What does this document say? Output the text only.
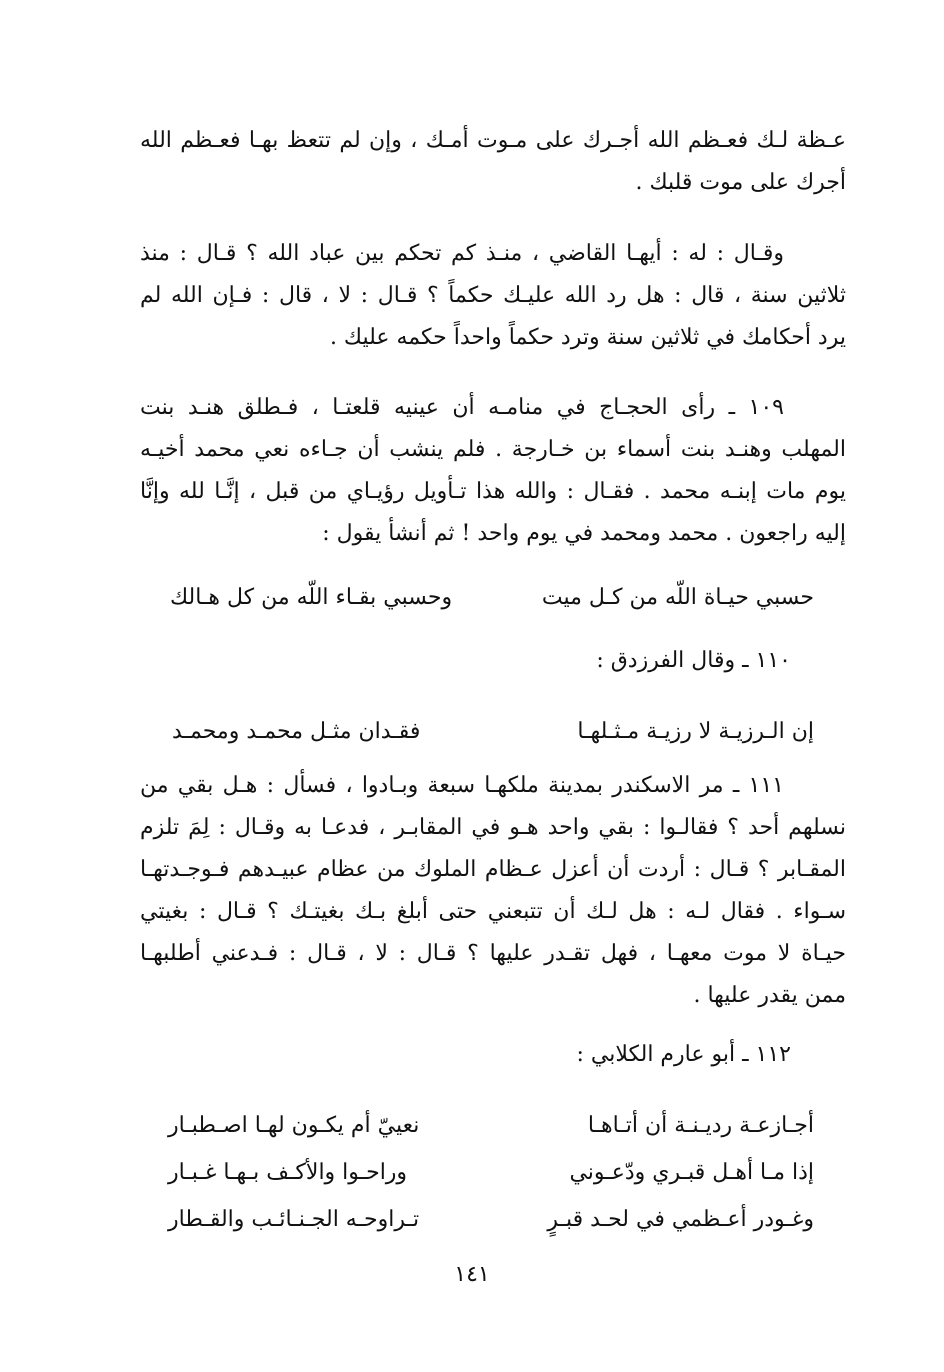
عـظة لـك فعـظم الله أجـرك على مـوت أمـك ، وإن لم تتعظ بهـا فعـظم الله
أجرك على موت قلبك .
وقـال : له : أيهـا القاضي ، منـذ كم تحكم بين عباد الله ؟ قـال : منذ
ثلاثين سنة ، قال : هل رد الله عليـك حكماً ؟ قـال : لا ، قال : فـإن الله لم
يرد أحكامك في ثلاثين سنة وترد حكماً واحداً حكمه عليك .
١٠٩ ـ رأى الحجـاج في منامـه أن عينيه قلعتـا ، فـطلق هنـد بنت
المهلب وهنـد بنت أسماء بن خـارجة . فلم ينشب أن جـاءه نعي محمد أخيـه
يوم مات إبنـه محمد . فقـال : والله هذا تـأويل رؤيـاي من قبل ، إنَّـا لله وإنَّا
إليه راجعون . محمد ومحمد في يوم واحد ! ثم أنشأ يقول :
حسبي حيـاة اللّه من كـل ميت
وحسبي بقـاء اللّه من كل هـالك
١١٠ ـ وقال الفرزدق :
إن الـرزيـة لا رزيـة مـثـلهـا
فقـدان مثـل محمـد ومحمـد
١١١ ـ مر الاسكندر بمدينة ملكهـا سبعة وبـادوا ، فسأل : هـل بقي من
نسلهم أحد ؟ فقالـوا : بقي واحد هـو في المقابـر ، فدعـا به وقـال : لِمَ تلزم
المقـابر ؟ قـال : أردت أن أعزل عـظام الملوك من عظام عبيـدهم فـوجـدتهـا
سـواء . فقال لـه : هل لـك أن تتبعني حتى أبلغ بـك بغيتـك ؟ قـال : بغيتي
حيـاة لا موت معهـا ، فهل تقـدر عليها ؟ قـال : لا ، قـال : فـدعني أطلبهـا
ممن يقدر عليها .
١١٢ ـ أبو عارم الكلابي :
أجـازعـة رديـنـة أن أتـاهـا
نعييّ أم يكـون لهـا اصـطبـار
إذا مـا أهـل قبـري ودّعـوني
وراحـوا والأكـف بـهـا غـبـار
وغـودر أعـظمي في لحـد قبـرٍ
تـراوحـه الجـنـائـب والقـطار
١٤١
